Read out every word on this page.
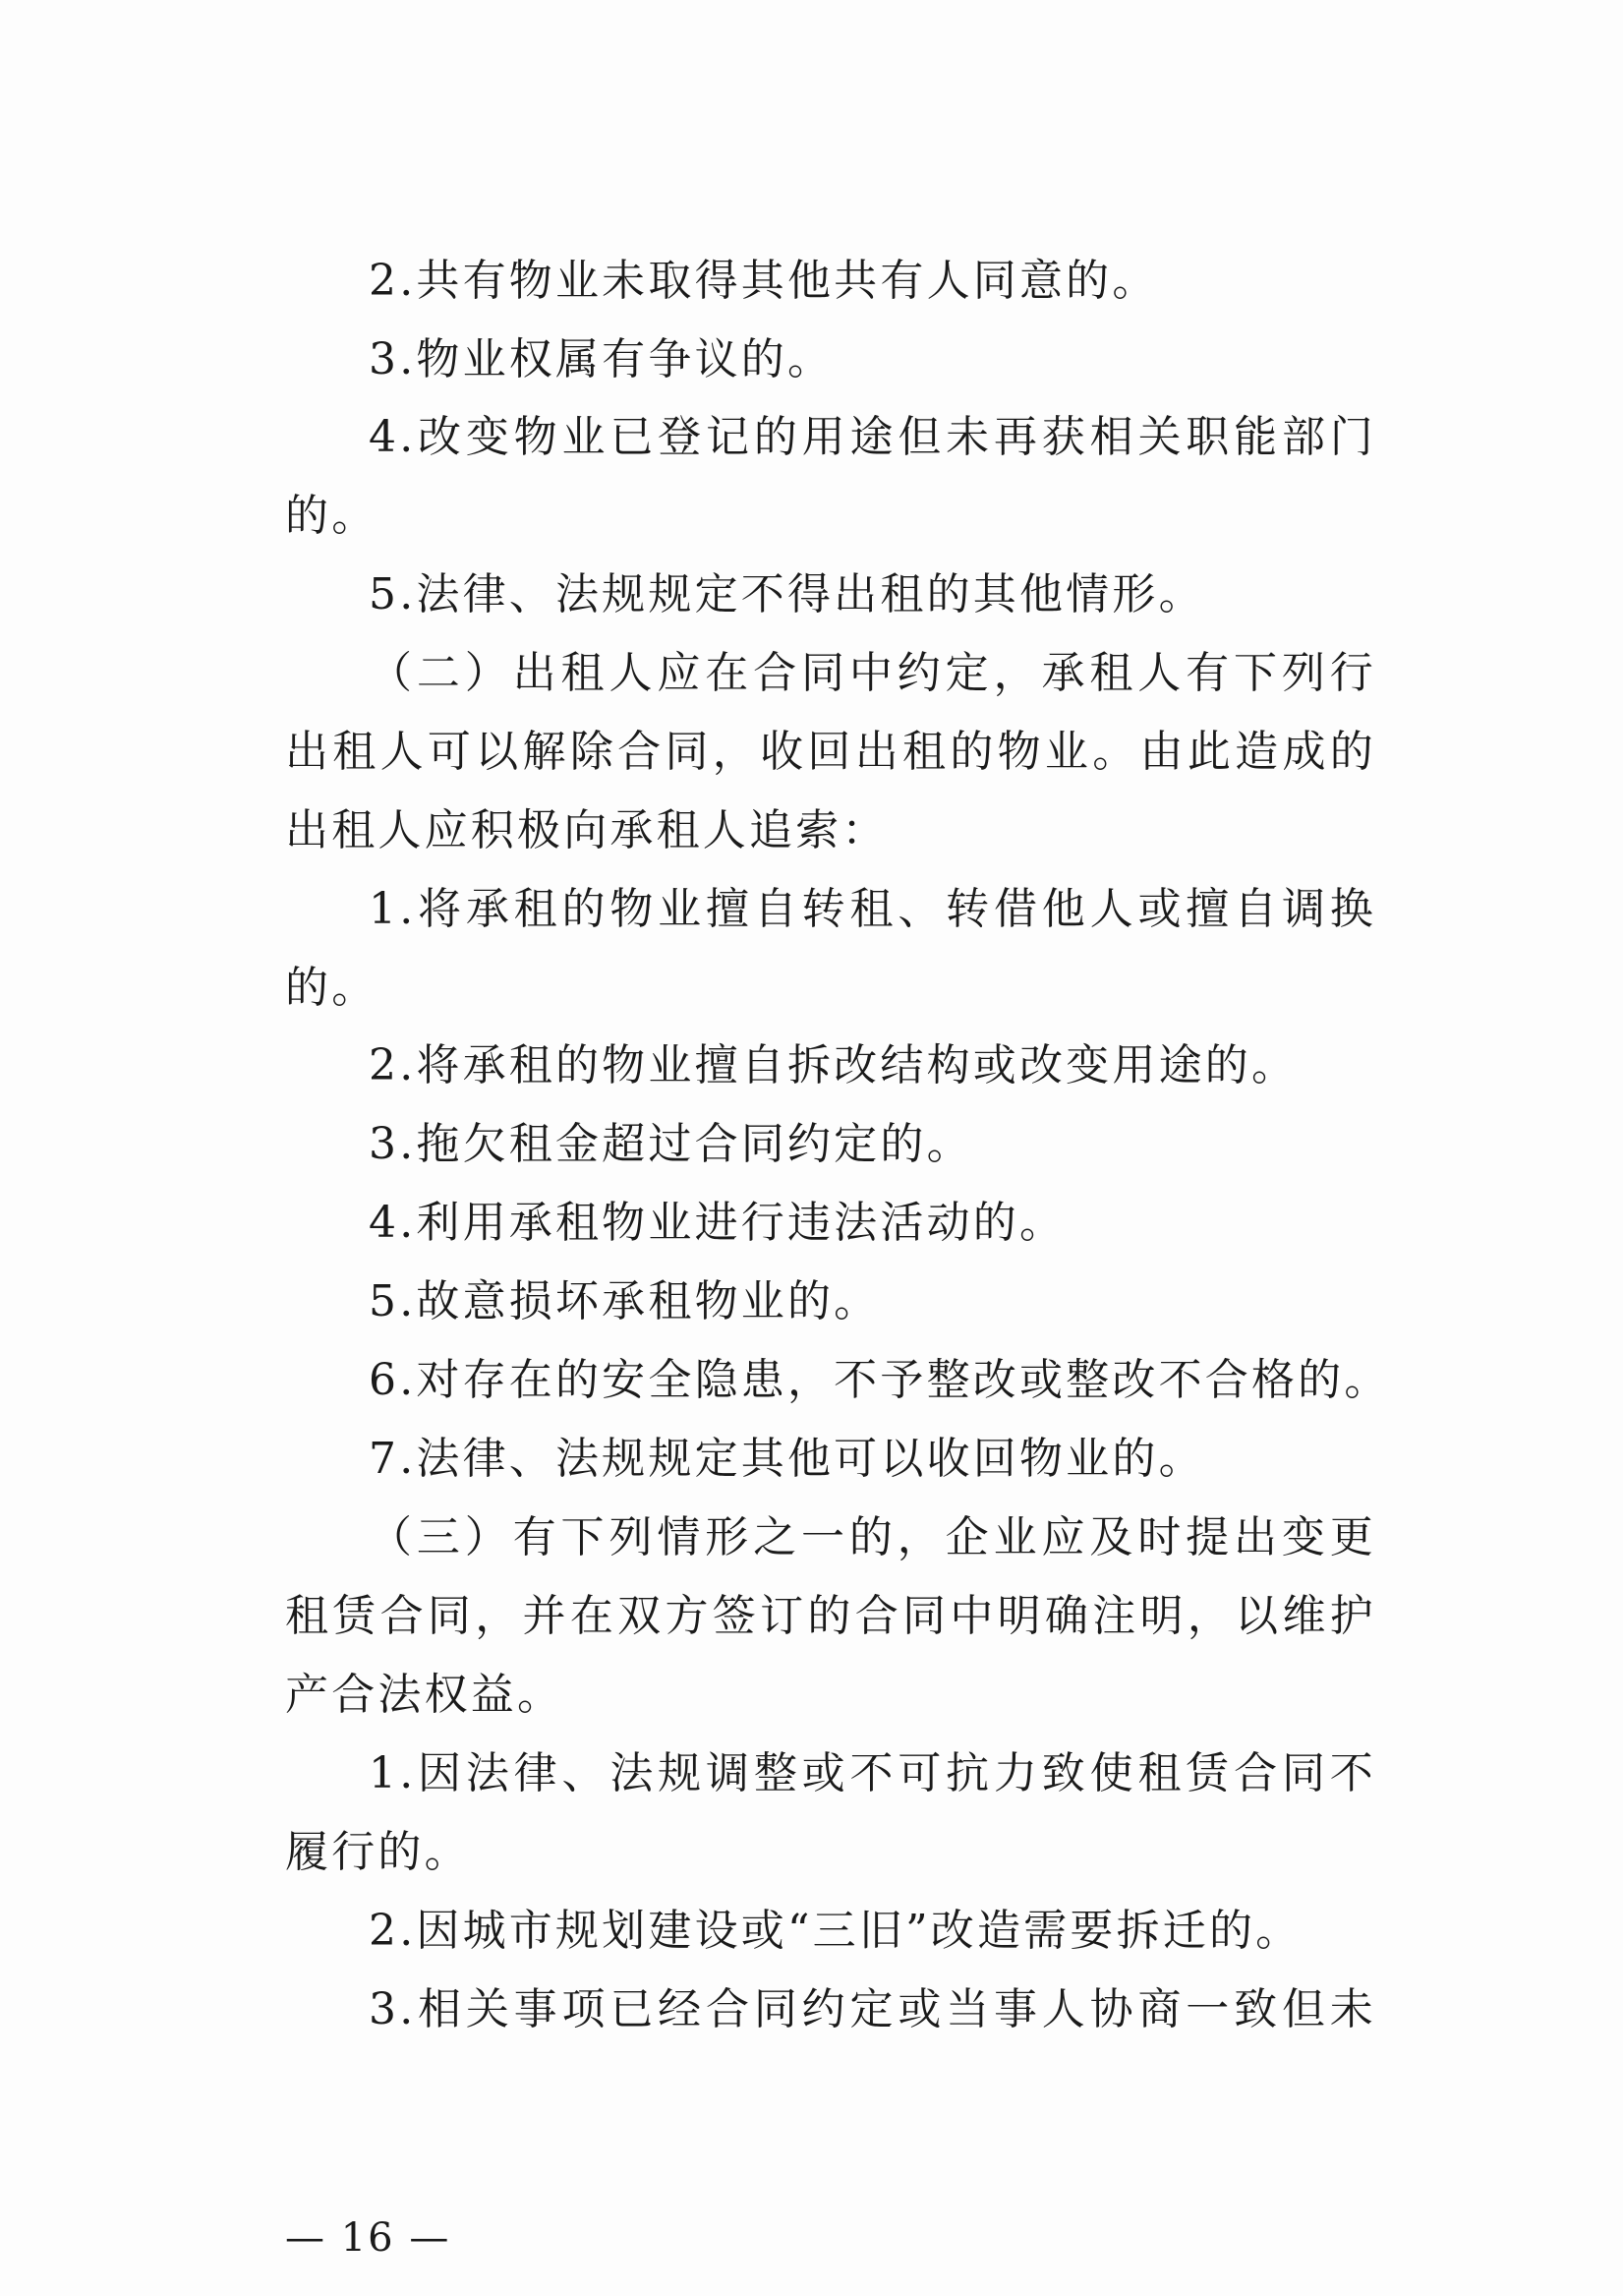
2.共有物业未取得其他共有人同意的。
3.物业权属有争议的。
4.改变物业已登记的用途但未再获相关职能部门
的。
5.法律、法规规定不得出租的其他情形。
（二）出租人应在合同中约定，承租人有下列行
出租人可以解除合同，收回出租的物业。由此造成的
出租人应积极向承租人追索：
1.将承租的物业擅自转租、转借他人或擅自调换
的。
2.将承租的物业擅自拆改结构或改变用途的。
3.拖欠租金超过合同约定的。
4.利用承租物业进行违法活动的。
5.故意损坏承租物业的。
6.对存在的安全隐患，不予整改或整改不合格的。
7.法律、法规规定其他可以收回物业的。
（三）有下列情形之一的，企业应及时提出变更
租赁合同，并在双方签订的合同中明确注明，以维护
产合法权益。
1.因法律、法规调整或不可抗力致使租赁合同不
履行的。
2.因城市规划建设或“三旧”改造需要拆迁的。
3.相关事项已经合同约定或当事人协商一致但未
— 16 —
